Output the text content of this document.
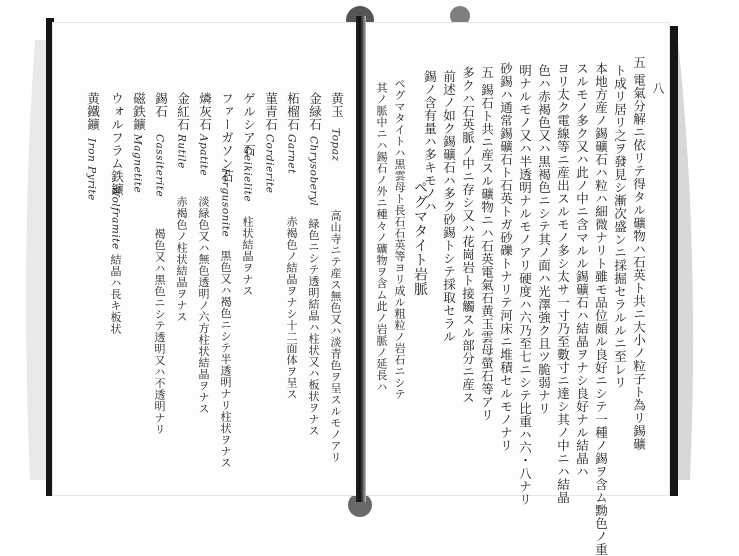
八
五 電氣分解ニ依リテ得タル礦物ハ石英ト共ニ大小ノ粒子ト為リ錫礦
ト成リ居リ之ヲ發見シ漸次盛ンニ採掘セラルルニ至レリ
本地方産ノ錫礦石ハ粒ハ細微ナリト雖モ品位頗ル良好ニシテ一種ノ錫ヲ含ム黝色ノ重
スルモノ多ク又ハ此ノ中ニ含マルル錫礦石ハ結晶ヲナシ良好ナル結晶ハ
ヨリ太ク電線等ニ産出スルモノ多シ太サ一寸乃至數寸ニ達シ其ノ中ニハ結晶
色ハ赤褐色又ハ黒褐色ニシテ其ノ面ハ光澤強ク且ツ脆弱ナリ
明ナルモノ又ハ半透明ナルモノアリ硬度ハ六乃至七ニシテ比重ハ六・八ナリ
砂錫ハ通常錫礦石ト石英トガ砂礫トナリテ河床ニ堆積セルモノナリ
五 錫石ト共ニ産スル礦物ニハ石英電氣石黄玉雲母螢石等アリ
多クハ石英脈ノ中ニ存シ又ハ花崗岩ト接觸スル部分ニ産ス
前述ノ如ク錫礦石ハ多ク砂錫トシテ採取セラル
錫ノ含有量ハ多キモノハ
ペグマタイト岩脈
ペグマタイトハ黒雲母ト長石石英等ヨリ成ル粗粒ノ岩石ニシテ
其ノ脈中ニハ錫石ノ外ニ種々ノ礦物ヲ含ム此ノ岩脈ノ延長ハ
黄玉
Topaz
高山寺ニテ産ス無色又ハ淡青色ヲ呈スルモノアリ
金緑石
Chrysoberyl
緑色ニシテ透明結晶ハ柱状又ハ板状ヲナス
柘榴石
Garnet
赤褐色ノ結晶ヲナシ十二面体ヲ呈ス
菫青石
Cordierite
ゲルシア石
Geikielite
柱状結晶ヲナス
ファーガソン石
Fergusonite
黒色又ハ褐色ニシテ半透明ナリ柱状ヲナス
燐灰石
Apatite
淡緑色又ハ無色透明ノ六方柱状結晶ヲナス
金紅石
Rutile
赤褐色ノ柱状結晶ヲナス
錫石
Cassiterite
褐色又ハ黒色ニシテ透明又ハ不透明ナリ
磁鉄鑛
Magnetite
ウォルフラム鉄鑛
Wolframite
結晶ハ長キ板状
黄鐵鑛
Iron Pyrite
